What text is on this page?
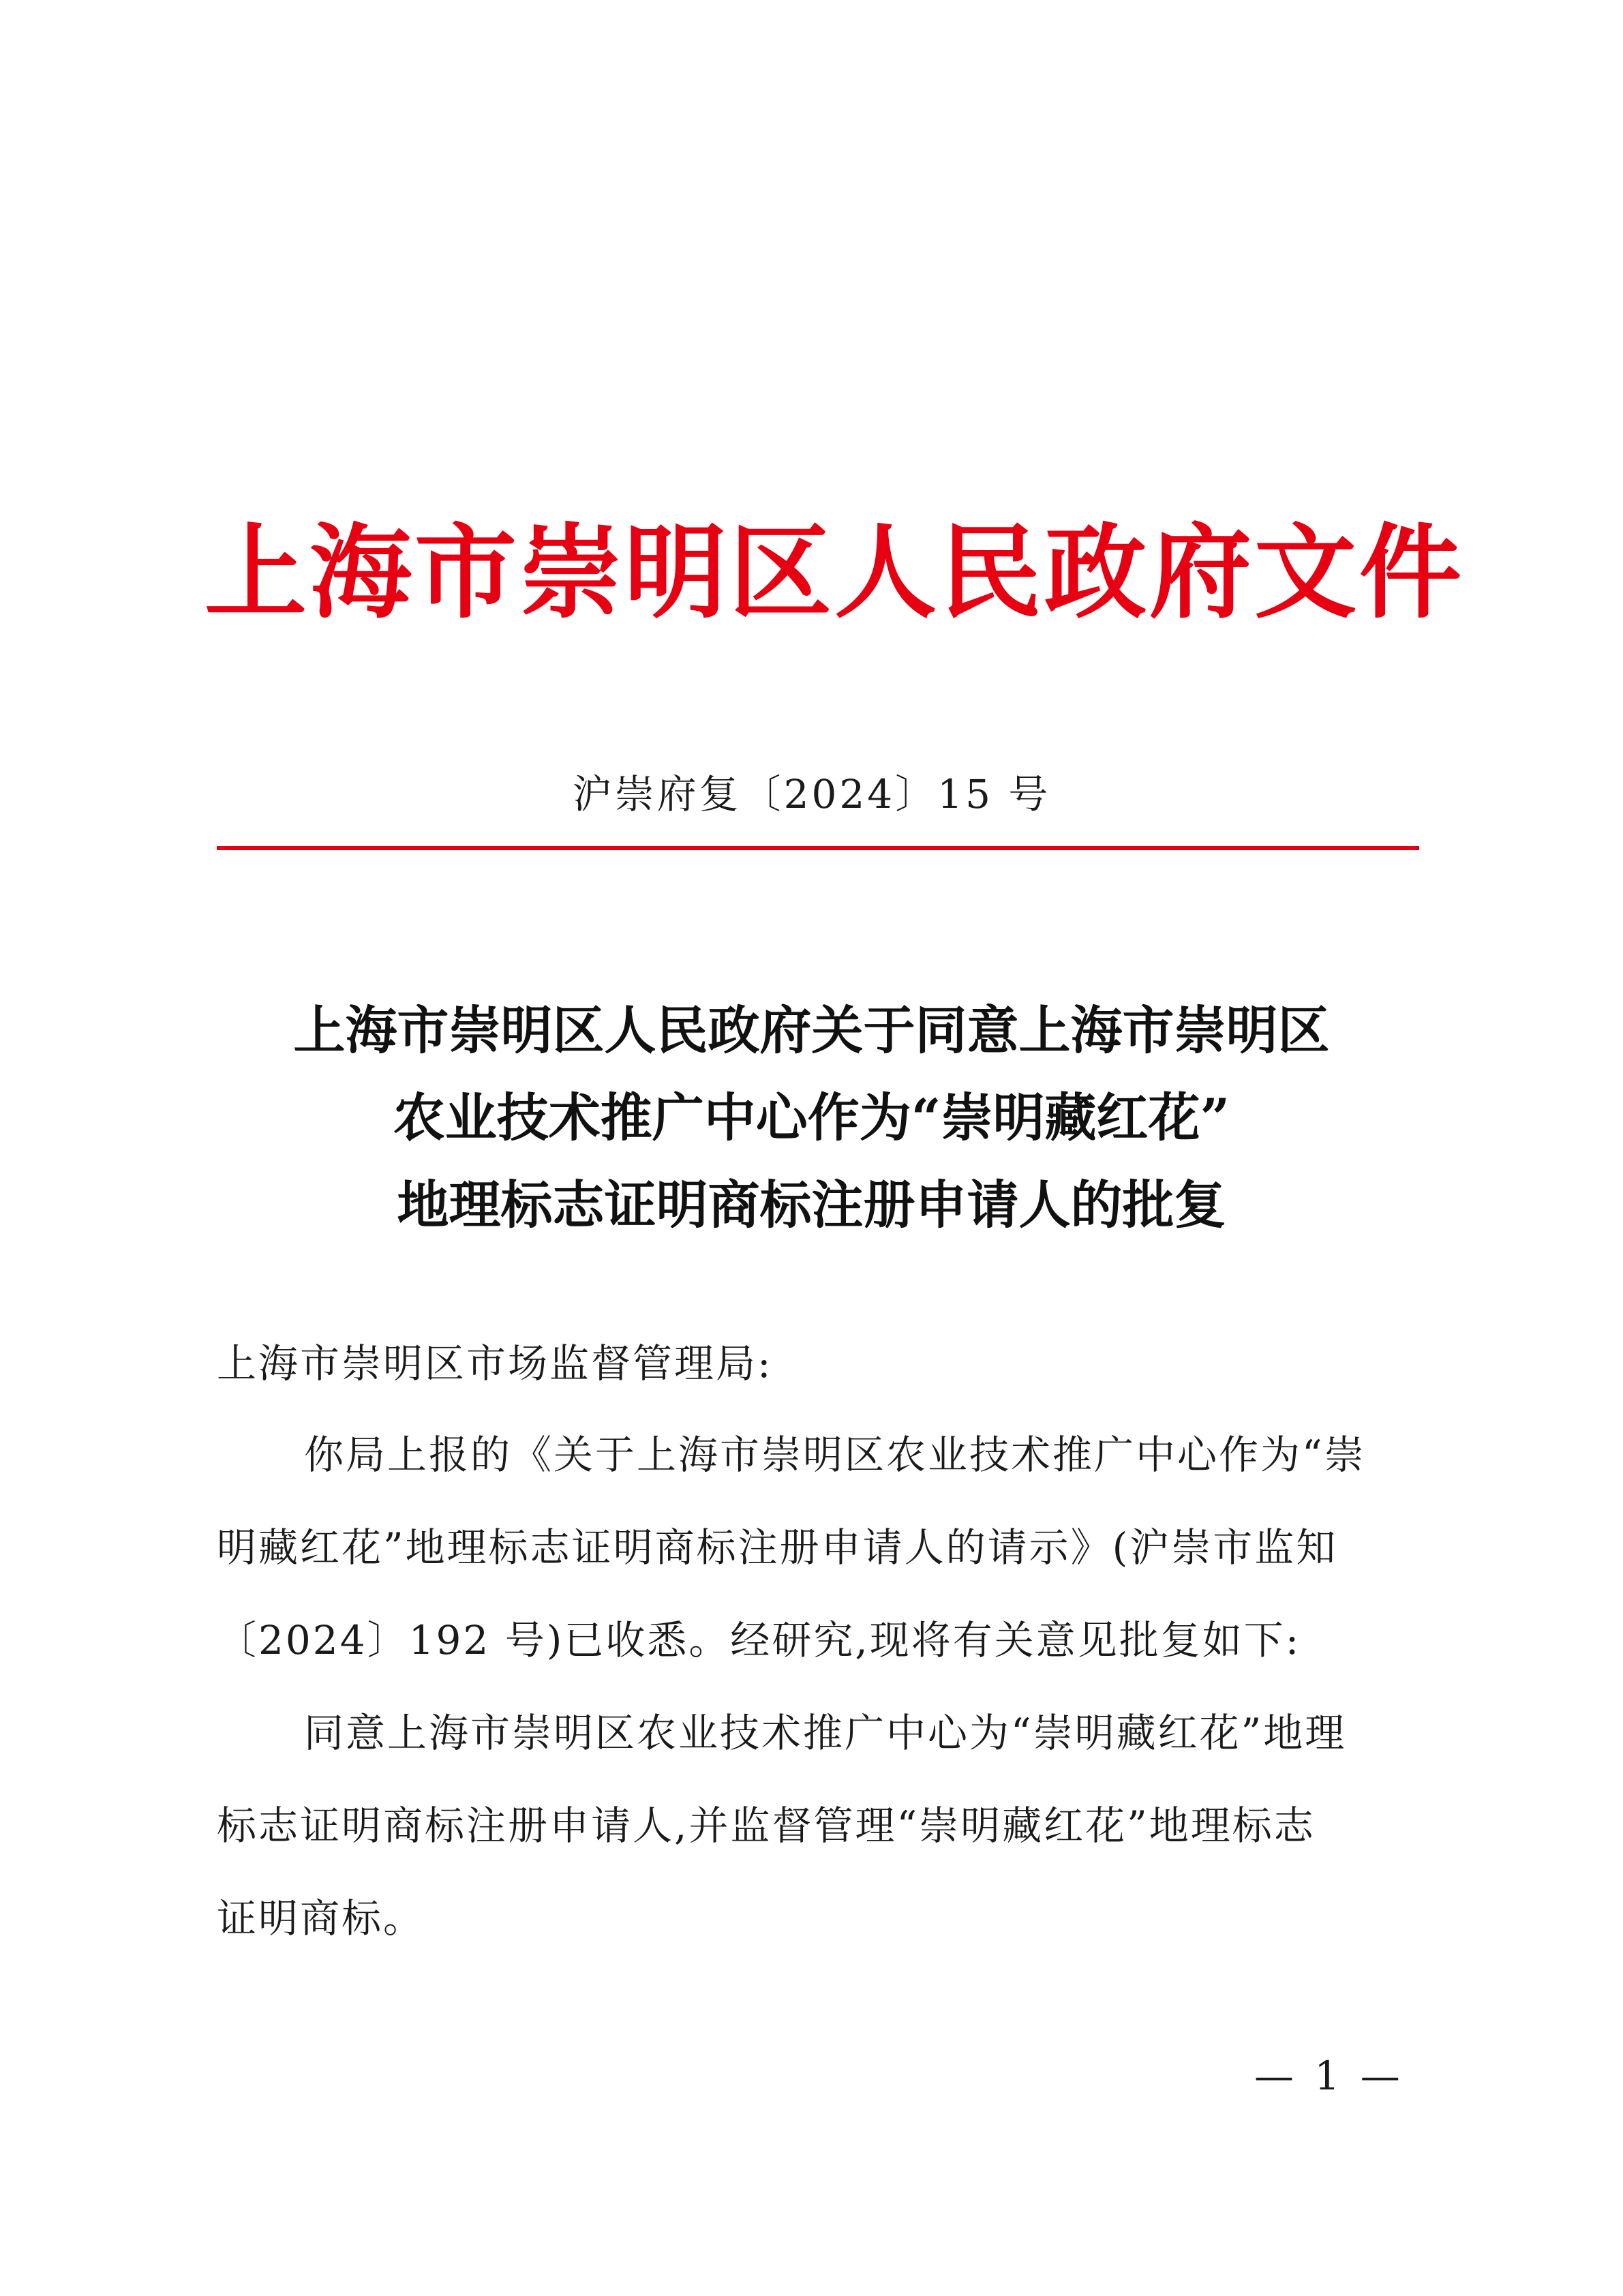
上海市崇明区人民政府文件
沪崇府复〔2024〕15 号
上海市崇明区人民政府关于同意上海市崇明区
农业技术推广中心作为“崇明藏红花”
地理标志证明商标注册申请人的批复
上海市崇明区市场监督管理局:
你局上报的《关于上海市崇明区农业技术推广中心作为“崇
明藏红花”地理标志证明商标注册申请人的请示》(沪崇市监知
〔2024〕192 号)已收悉。经研究,现将有关意见批复如下:
同意上海市崇明区农业技术推广中心为“崇明藏红花”地理
标志证明商标注册申请人,并监督管理“崇明藏红花”地理标志
证明商标。
— 1 —
